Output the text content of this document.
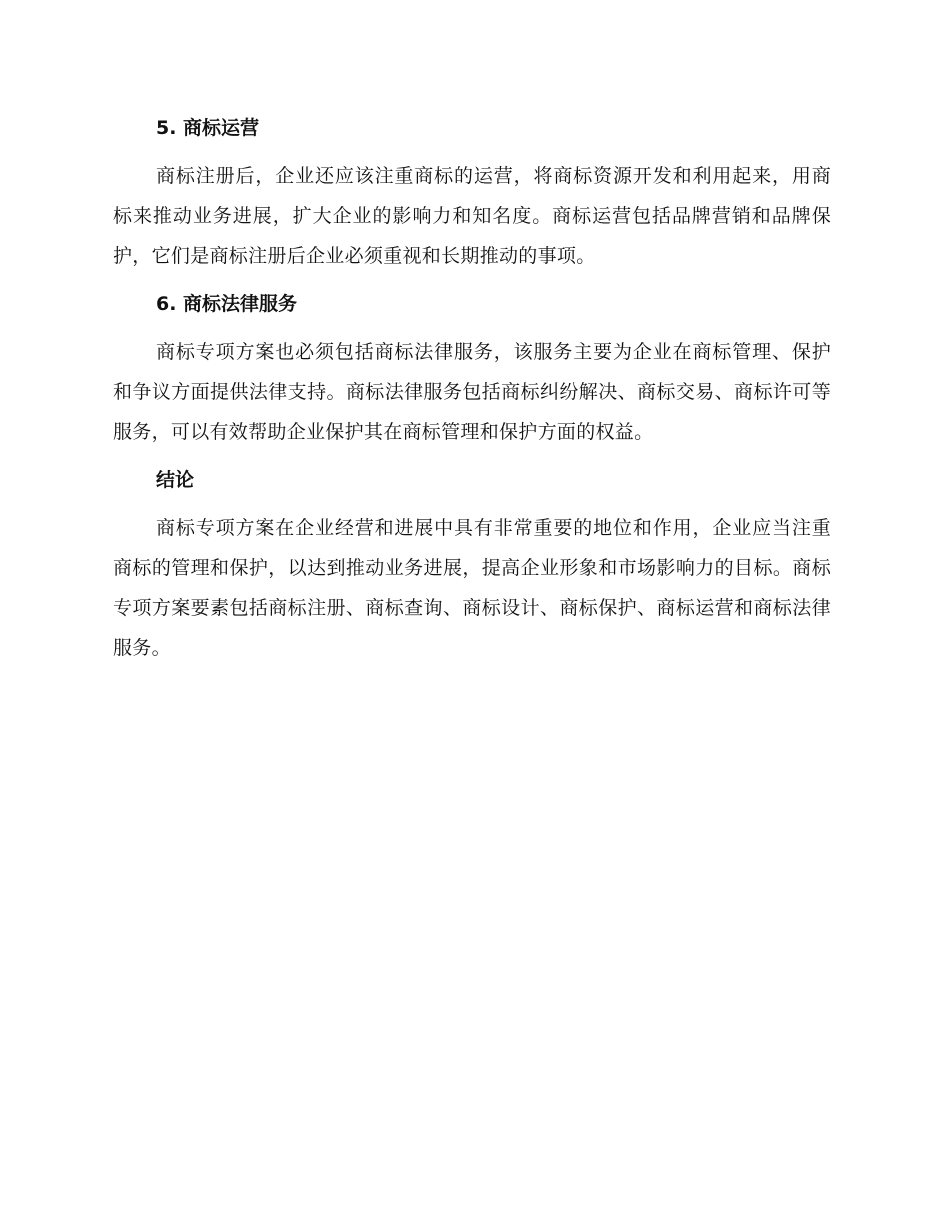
5. 商标运营

商标注册后，企业还应该注重商标的运营，将商标资源开发和利用起来，用商标来推动业务进展，扩大企业的影响力和知名度。商标运营包括品牌营销和品牌保护，它们是商标注册后企业必须重视和长期推动的事项。

6. 商标法律服务

商标专项方案也必须包括商标法律服务，该服务主要为企业在商标管理、保护和争议方面提供法律支持。商标法律服务包括商标纠纷解决、商标交易、商标许可等服务，可以有效帮助企业保护其在商标管理和保护方面的权益。

结论

商标专项方案在企业经营和进展中具有非常重要的地位和作用，企业应当注重商标的管理和保护，以达到推动业务进展，提高企业形象和市场影响力的目标。商标专项方案要素包括商标注册、商标查询、商标设计、商标保护、商标运营和商标法律服务。
